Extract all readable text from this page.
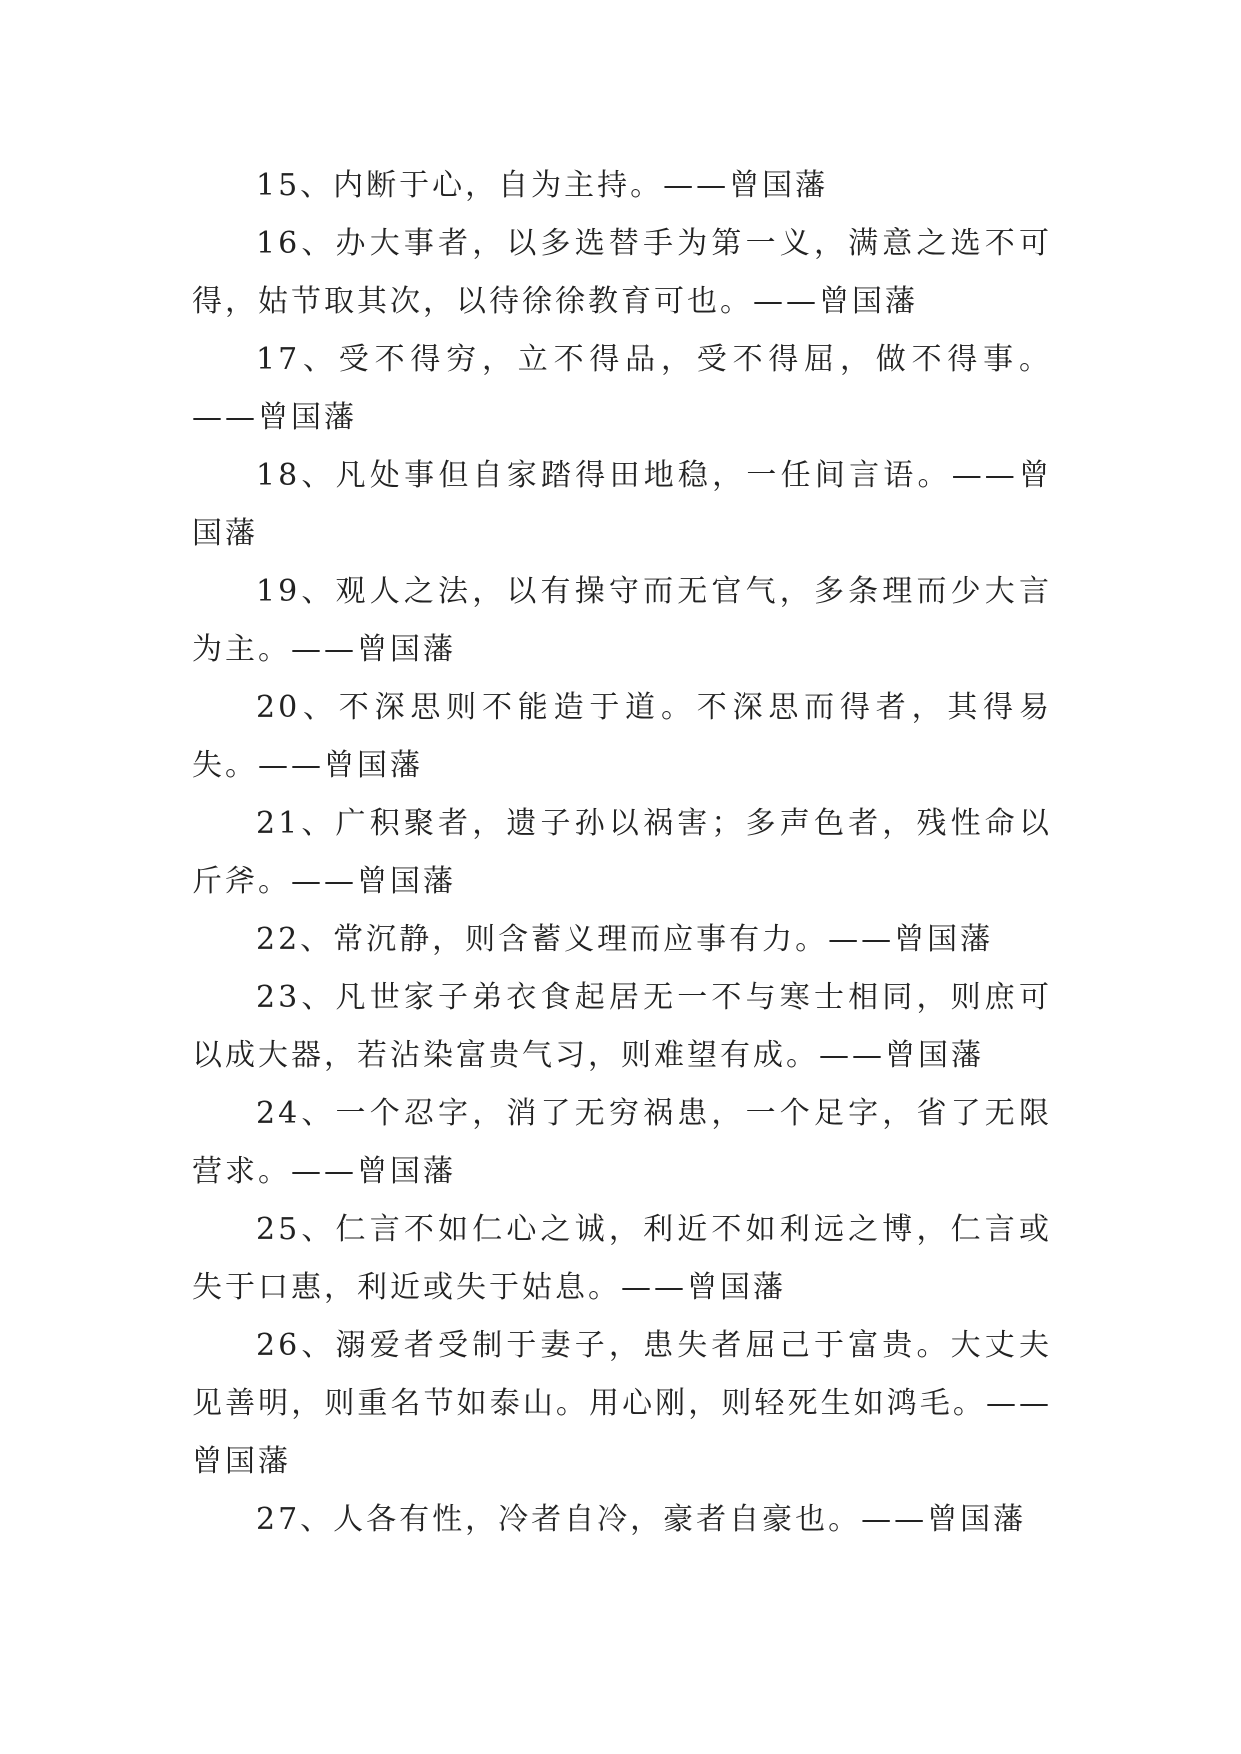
15、内断于心，自为主持。——曾国藩

16、办大事者，以多选替手为第一义，满意之选不可得，姑节取其次，以待徐徐教育可也。——曾国藩

17、受不得穷，立不得品，受不得屈，做不得事。——曾国藩

18、凡处事但自家踏得田地稳，一任间言语。——曾国藩

19、观人之法，以有操守而无官气，多条理而少大言为主。——曾国藩

20、不深思则不能造于道。不深思而得者，其得易失。——曾国藩

21、广积聚者，遗子孙以祸害；多声色者，残性命以斤斧。——曾国藩

22、常沉静，则含蓄义理而应事有力。——曾国藩

23、凡世家子弟衣食起居无一不与寒士相同，则庶可以成大器，若沾染富贵气习，则难望有成。——曾国藩

24、一个忍字，消了无穷祸患，一个足字，省了无限营求。——曾国藩

25、仁言不如仁心之诚，利近不如利远之博，仁言或失于口惠，利近或失于姑息。——曾国藩

26、溺爱者受制于妻子，患失者屈己于富贵。大丈夫见善明，则重名节如泰山。用心刚，则轻死生如鸿毛。——曾国藩

27、人各有性，冷者自冷，豪者自豪也。——曾国藩
